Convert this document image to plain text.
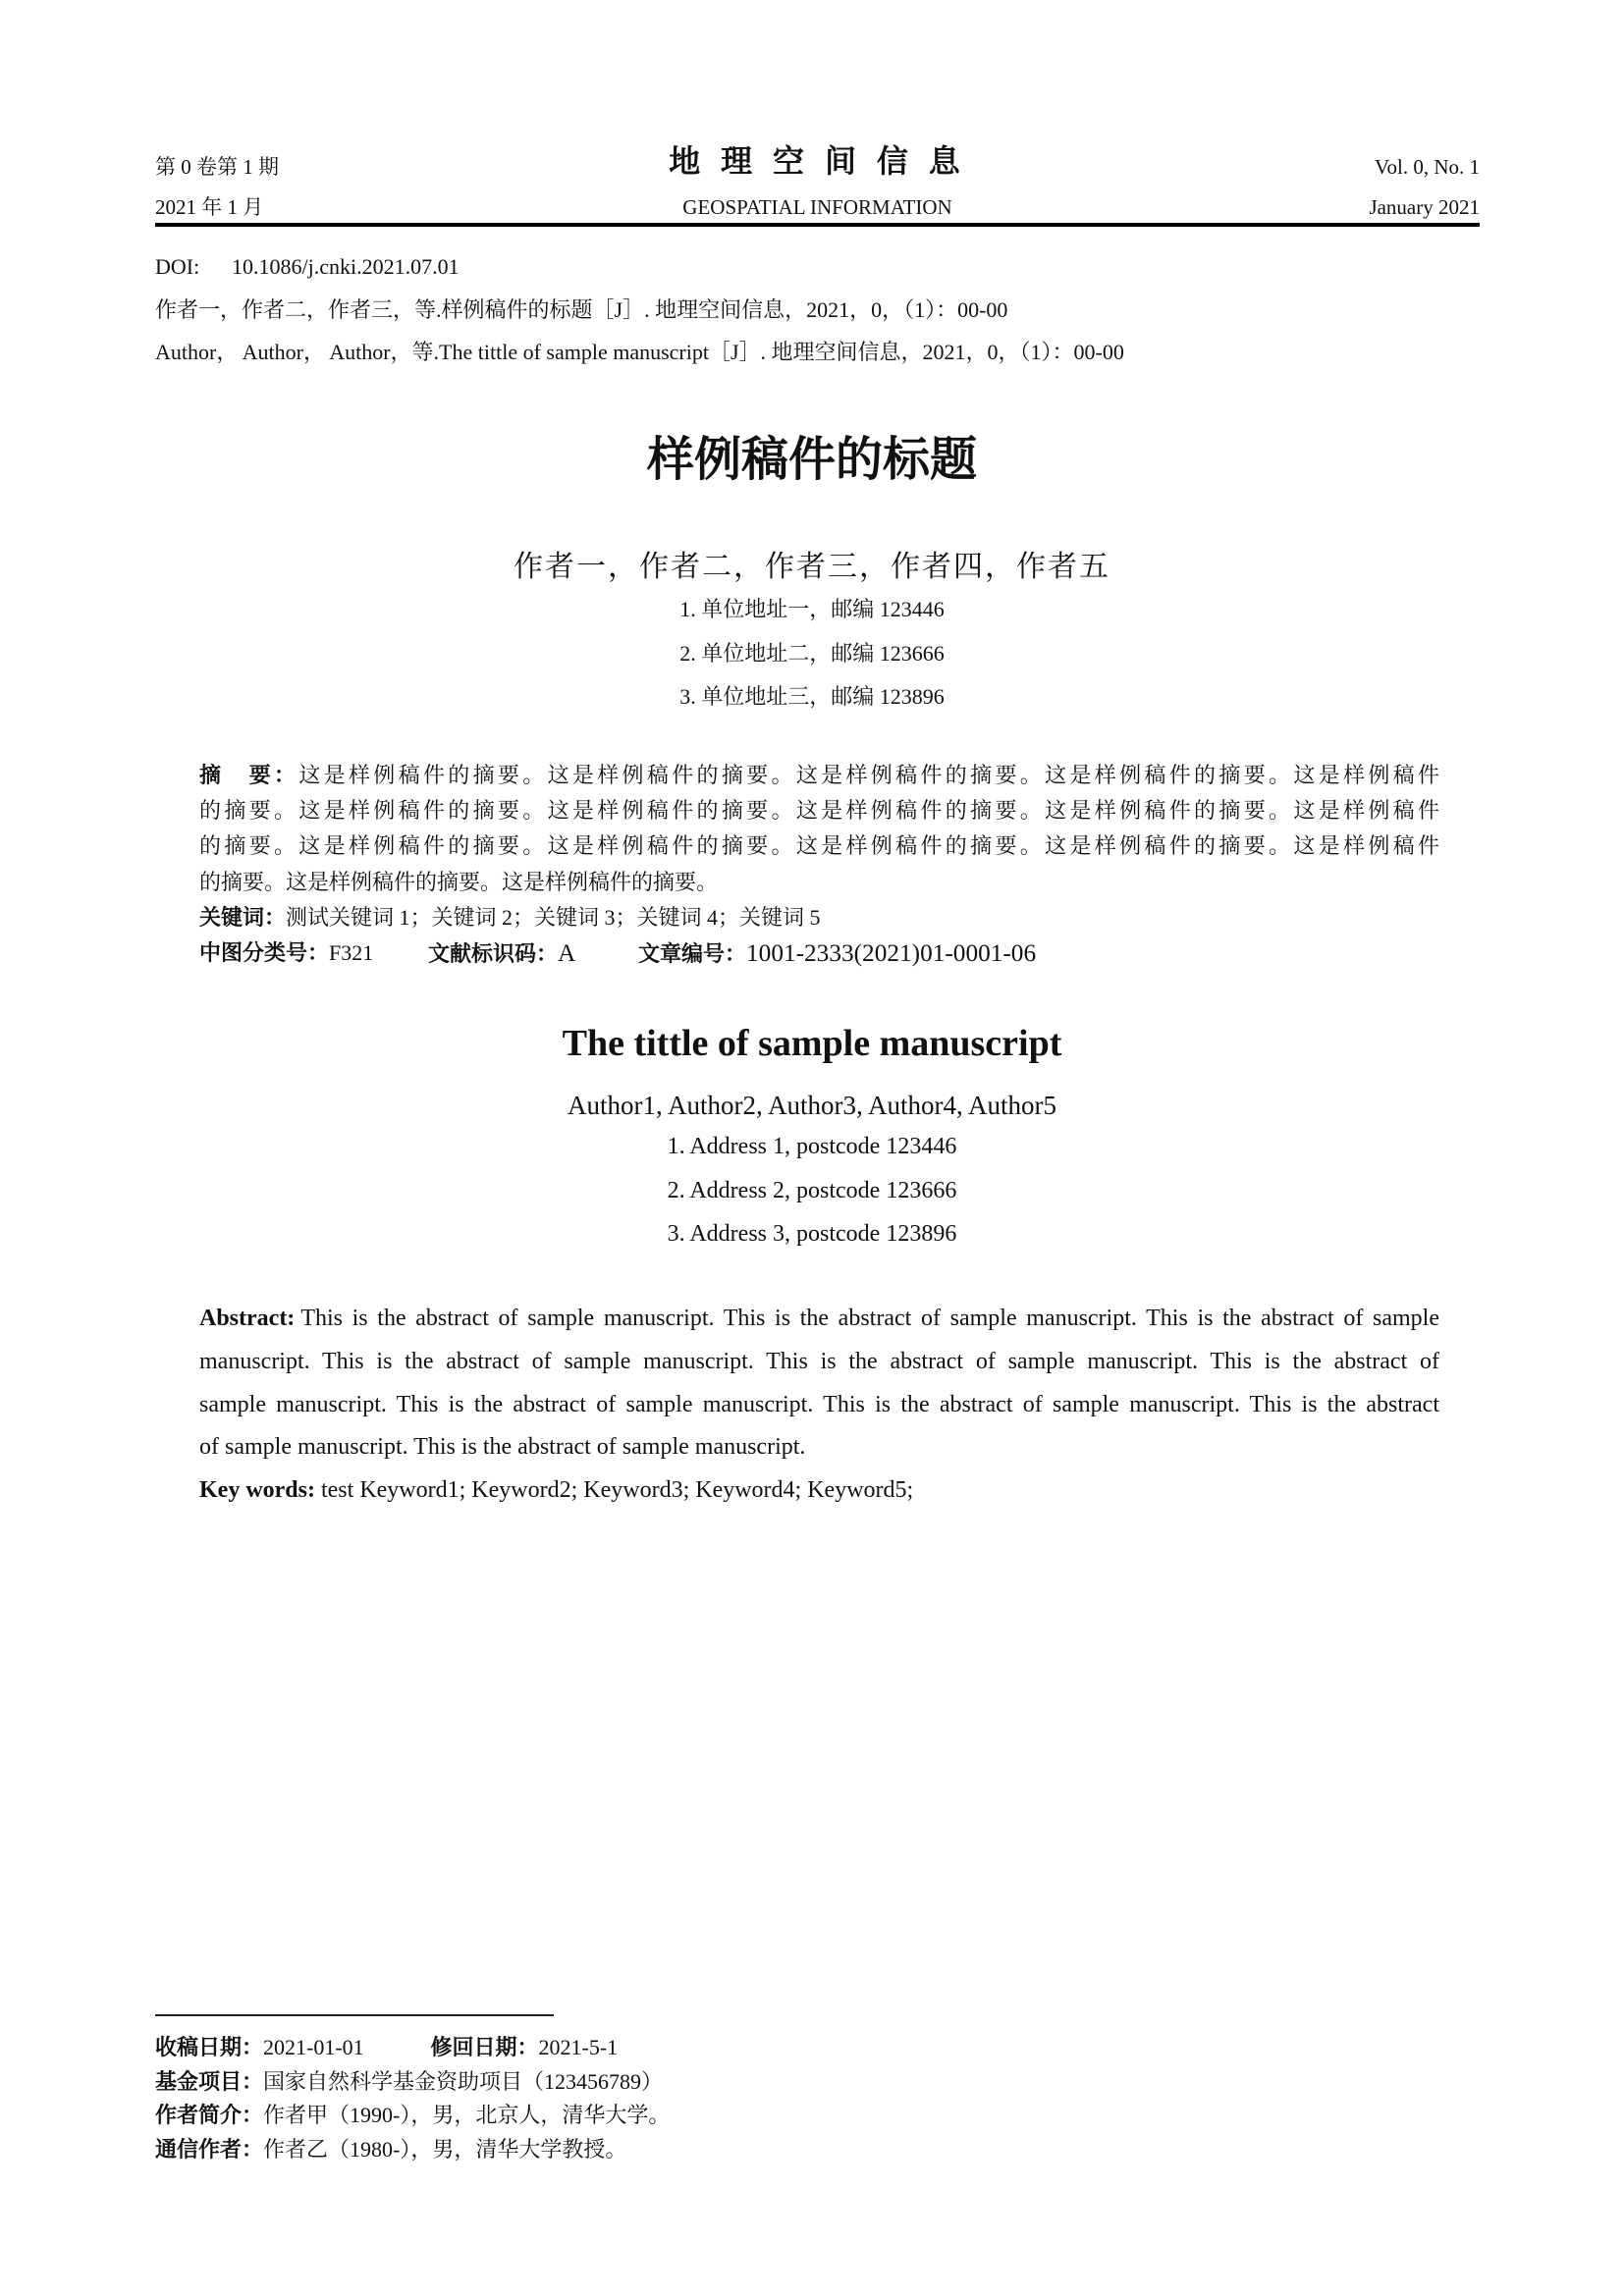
第 0 卷第 1 期
2021 年 1 月
地 理 空 间 信 息
GEOSPATIAL INFORMATION
Vol. 0, No. 1
January 2021
DOI: 10.1086/j.cnki.2021.07.01
作者一，作者二，作者三，等.样例稿件的标题［J］. 地理空间信息，2021，0，（1）：00-00
Author， Author， Author，等.The tittle of sample manuscript［J］. 地理空间信息，2021，0，（1）：00-00
样例稿件的标题
作者一，作者二，作者三，作者四，作者五
1. 单位地址一，邮编 123446
2. 单位地址二，邮编 123666
3. 单位地址三，邮编 123896
摘　要：这是样例稿件的摘要。这是样例稿件的摘要。这是样例稿件的摘要。这是样例稿件的摘要。这是样例稿件
的摘要。这是样例稿件的摘要。这是样例稿件的摘要。这是样例稿件的摘要。这是样例稿件的摘要。这是样例稿件
的摘要。这是样例稿件的摘要。这是样例稿件的摘要。这是样例稿件的摘要。这是样例稿件的摘要。这是样例稿件
的摘要。这是样例稿件的摘要。这是样例稿件的摘要。
关键词：测试关键词 1；关键词 2；关键词 3；关键词 4；关键词 5
中图分类号：F321	文献标识码：A	文章编号：1001-2333(2021)01-0001-06
The tittle of sample manuscript
Author1, Author2, Author3, Author4, Author5
1. Address 1, postcode 123446
2. Address 2, postcode 123666
3. Address 3, postcode 123896
Abstract: This is the abstract of sample manuscript. This is the abstract of sample manuscript. This is the abstract of sample
manuscript. This is the abstract of sample manuscript. This is the abstract of sample manuscript. This is the abstract of
sample manuscript. This is the abstract of sample manuscript. This is the abstract of sample manuscript. This is the abstract
of sample manuscript. This is the abstract of sample manuscript.
Key words: test Keyword1; Keyword2; Keyword3; Keyword4; Keyword5;
收稿日期：2021-01-01	修回日期：2021-5-1
基金项目：国家自然科学基金资助项目（123456789）
作者简介：作者甲（1990-），男，北京人，清华大学。
通信作者：作者乙（1980-），男，清华大学教授。
